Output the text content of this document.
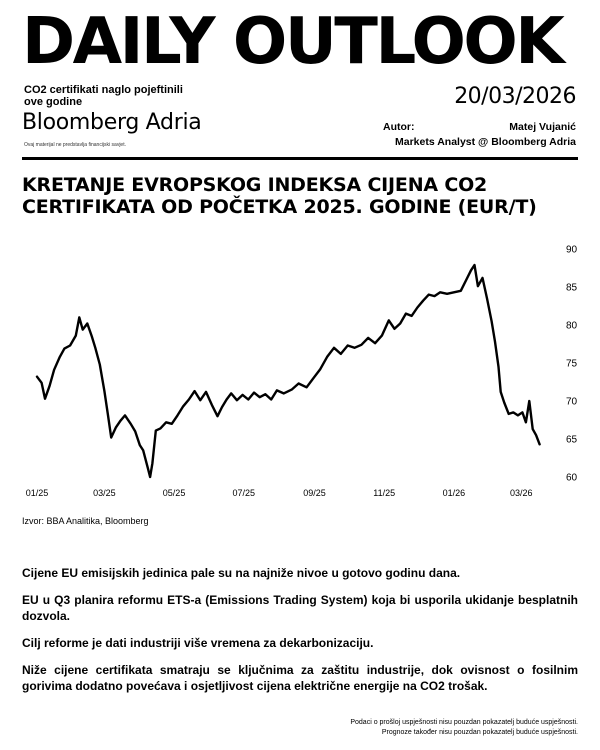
DAILY OUTLOOK
CO2 certifikati naglo pojeftinili ove godine
Bloomberg Adria
Ovaj materijal ne predstavlja financijski savjet.
20/03/2026
Autor:	Matej Vujanić
Markets Analyst @ Bloomberg Adria
KRETANJE EVROPSKOG INDEKSA CIJENA CO2 CERTIFIKATA OD POČETKA 2025. GODINE (EUR/T)
60
65
70
75
80
85
90
01/25	03/25	05/25	07/25	09/25	11/25	01/26	03/26
Izvor: BBA Analitika, Bloomberg
Cijene EU emisijskih jedinica pale su na najniže nivoe u gotovo godinu dana.
EU u Q3 planira reformu ETS-a (Emissions Trading System) koja bi usporila ukidanje besplatnih dozvola.
Cilj reforme je dati industriji više vremena za dekarbonizaciju.
Niže cijene certifikata smatraju se ključnima za zaštitu industrije, dok ovisnost o fosilnim gorivima dodatno povećava i osjetljivost cijena električne energije na CO2 trošak.
Podaci o prošloj uspješnosti nisu pouzdan pokazatelj buduće uspješnosti.
Prognoze također nisu pouzdan pokazatelj buduće uspješnosti.
